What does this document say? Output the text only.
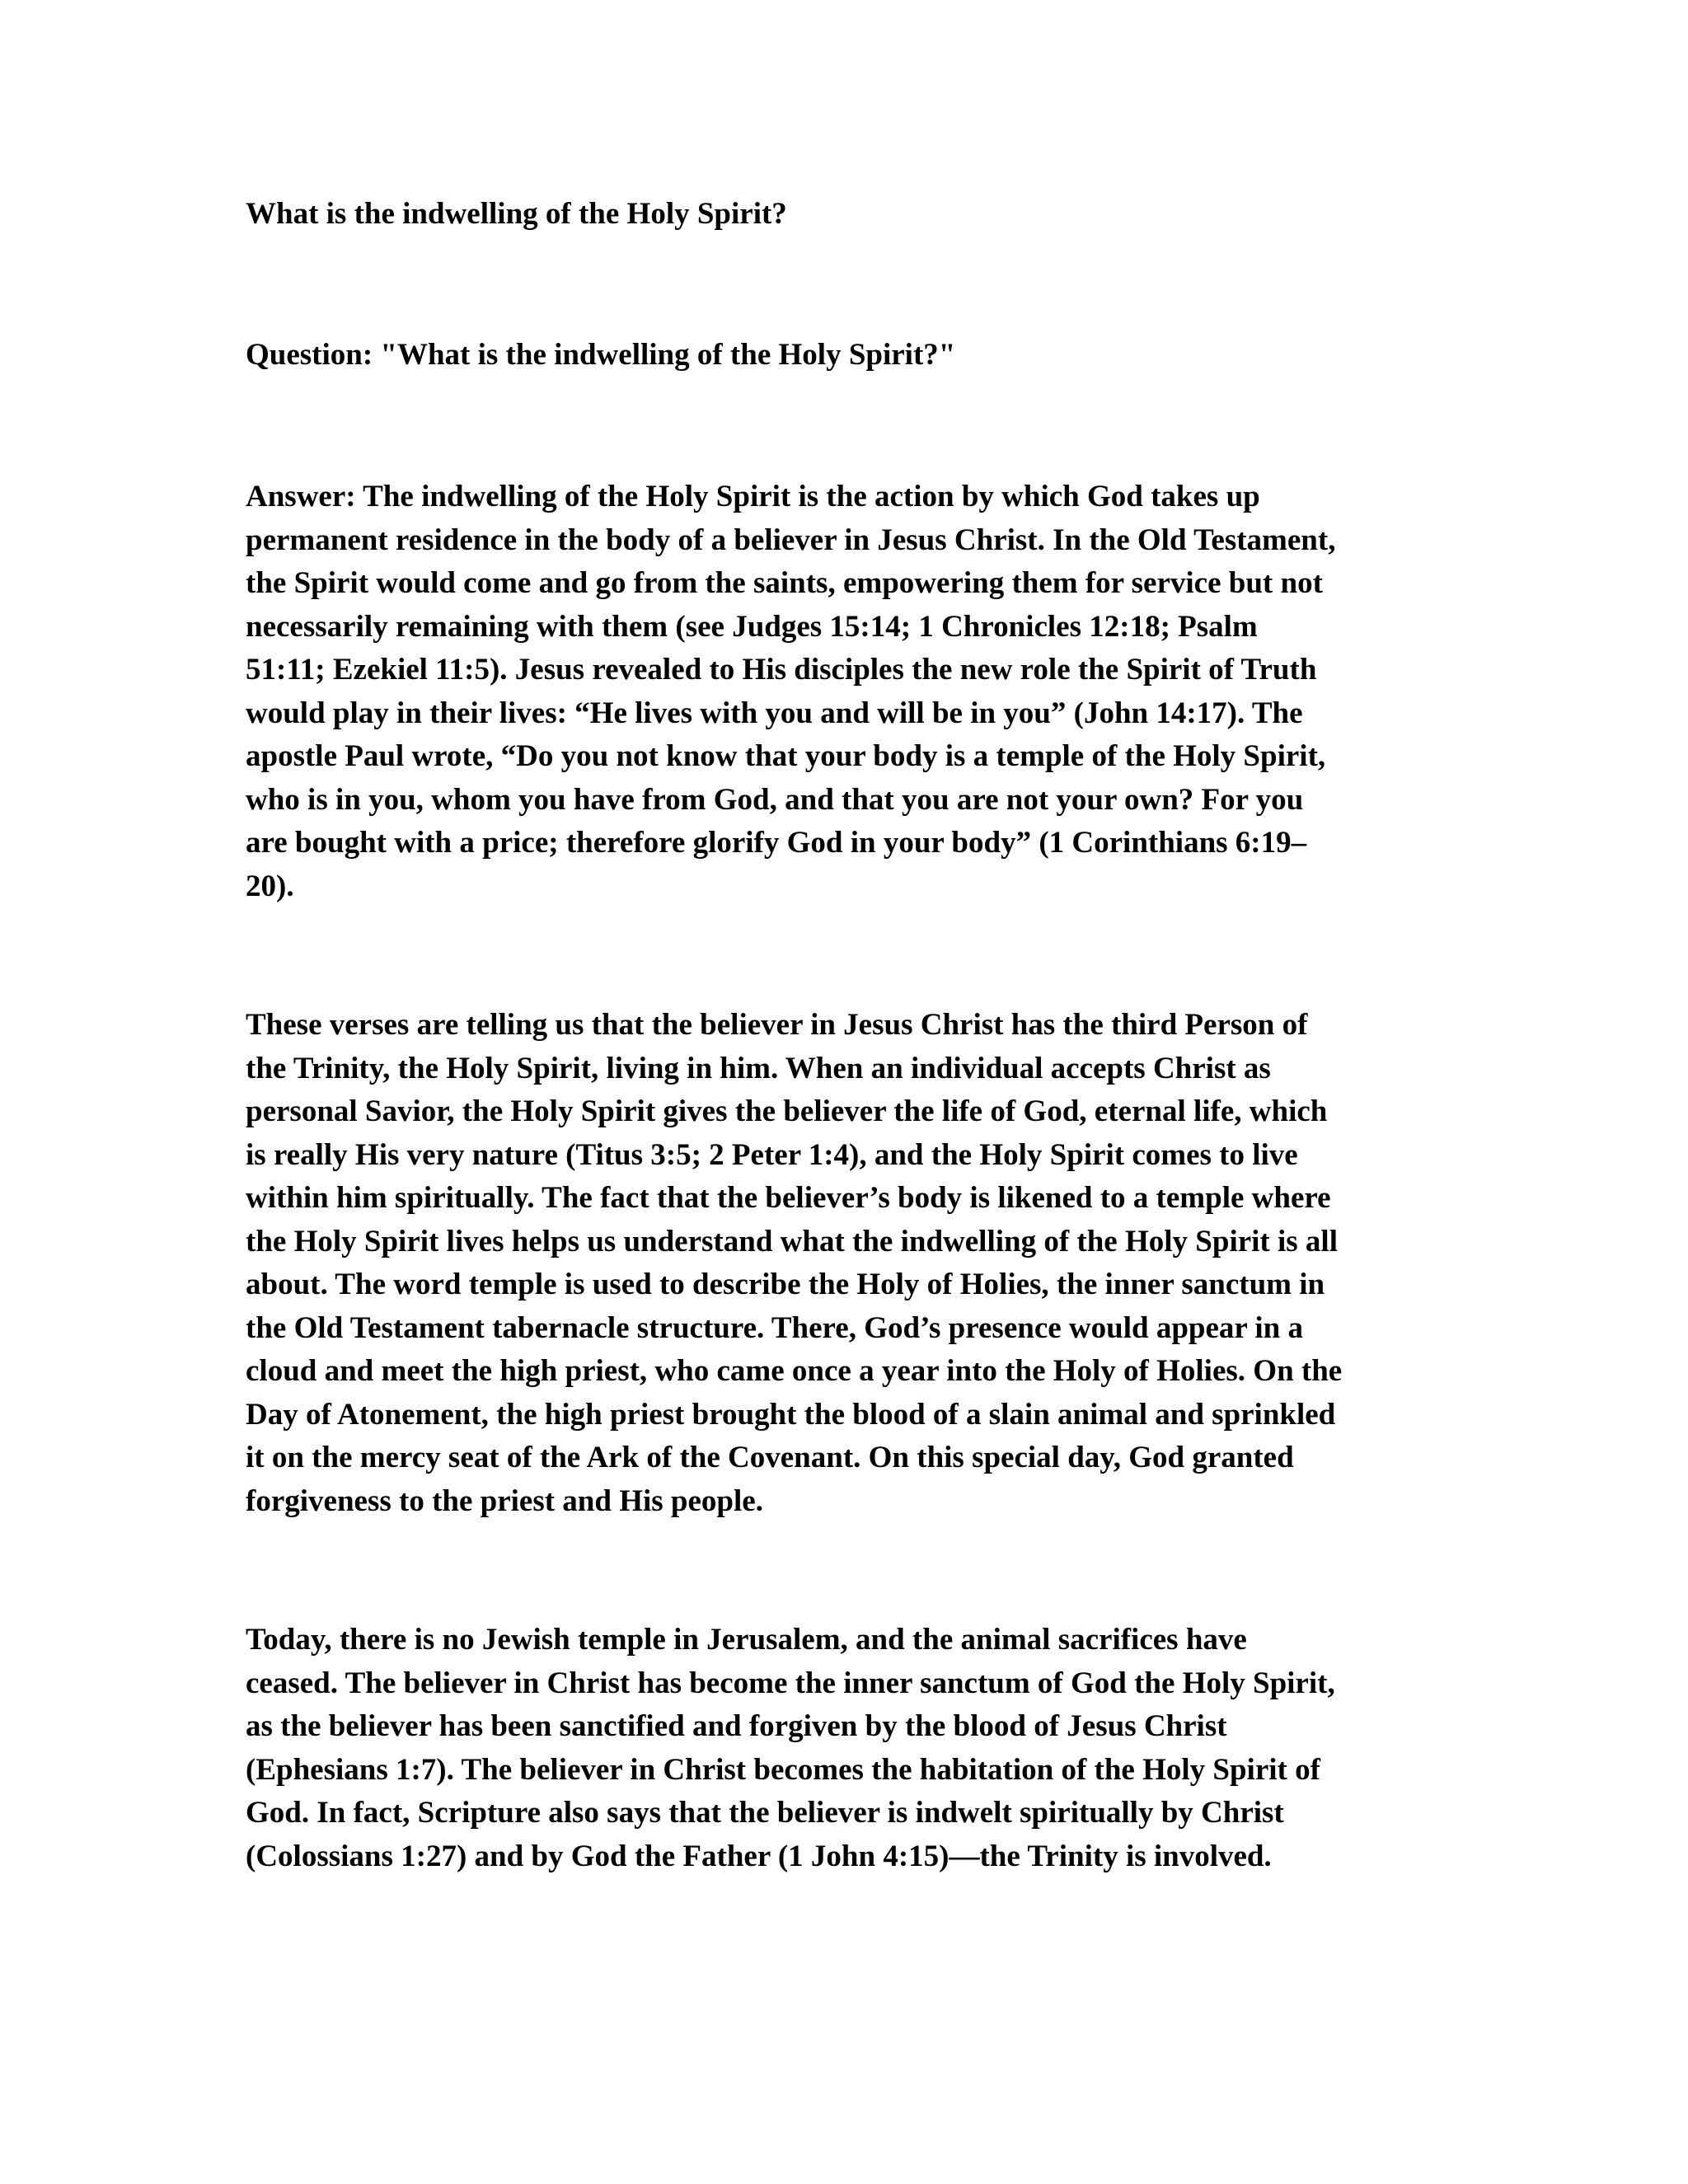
What is the indwelling of the Holy Spirit?

Question: "What is the indwelling of the Holy Spirit?"

Answer: The indwelling of the Holy Spirit is the action by which God takes up
permanent residence in the body of a believer in Jesus Christ. In the Old Testament,
the Spirit would come and go from the saints, empowering them for service but not
necessarily remaining with them (see Judges 15:14; 1 Chronicles 12:18; Psalm
51:11; Ezekiel 11:5). Jesus revealed to His disciples the new role the Spirit of Truth
would play in their lives: “He lives with you and will be in you” (John 14:17). The
apostle Paul wrote, “Do you not know that your body is a temple of the Holy Spirit,
who is in you, whom you have from God, and that you are not your own? For you
are bought with a price; therefore glorify God in your body” (1 Corinthians 6:19–
20).
These verses are telling us that the believer in Jesus Christ has the third Person of
the Trinity, the Holy Spirit, living in him. When an individual accepts Christ as
personal Savior, the Holy Spirit gives the believer the life of God, eternal life, which
is really His very nature (Titus 3:5; 2 Peter 1:4), and the Holy Spirit comes to live
within him spiritually. The fact that the believer’s body is likened to a temple where
the Holy Spirit lives helps us understand what the indwelling of the Holy Spirit is all
about. The word temple is used to describe the Holy of Holies, the inner sanctum in
the Old Testament tabernacle structure. There, God’s presence would appear in a
cloud and meet the high priest, who came once a year into the Holy of Holies. On the
Day of Atonement, the high priest brought the blood of a slain animal and sprinkled
it on the mercy seat of the Ark of the Covenant. On this special day, God granted
forgiveness to the priest and His people.
Today, there is no Jewish temple in Jerusalem, and the animal sacrifices have
ceased. The believer in Christ has become the inner sanctum of God the Holy Spirit,
as the believer has been sanctified and forgiven by the blood of Jesus Christ
(Ephesians 1:7). The believer in Christ becomes the habitation of the Holy Spirit of
God. In fact, Scripture also says that the believer is indwelt spiritually by Christ
(Colossians 1:27) and by God the Father (1 John 4:15)—the Trinity is involved.
